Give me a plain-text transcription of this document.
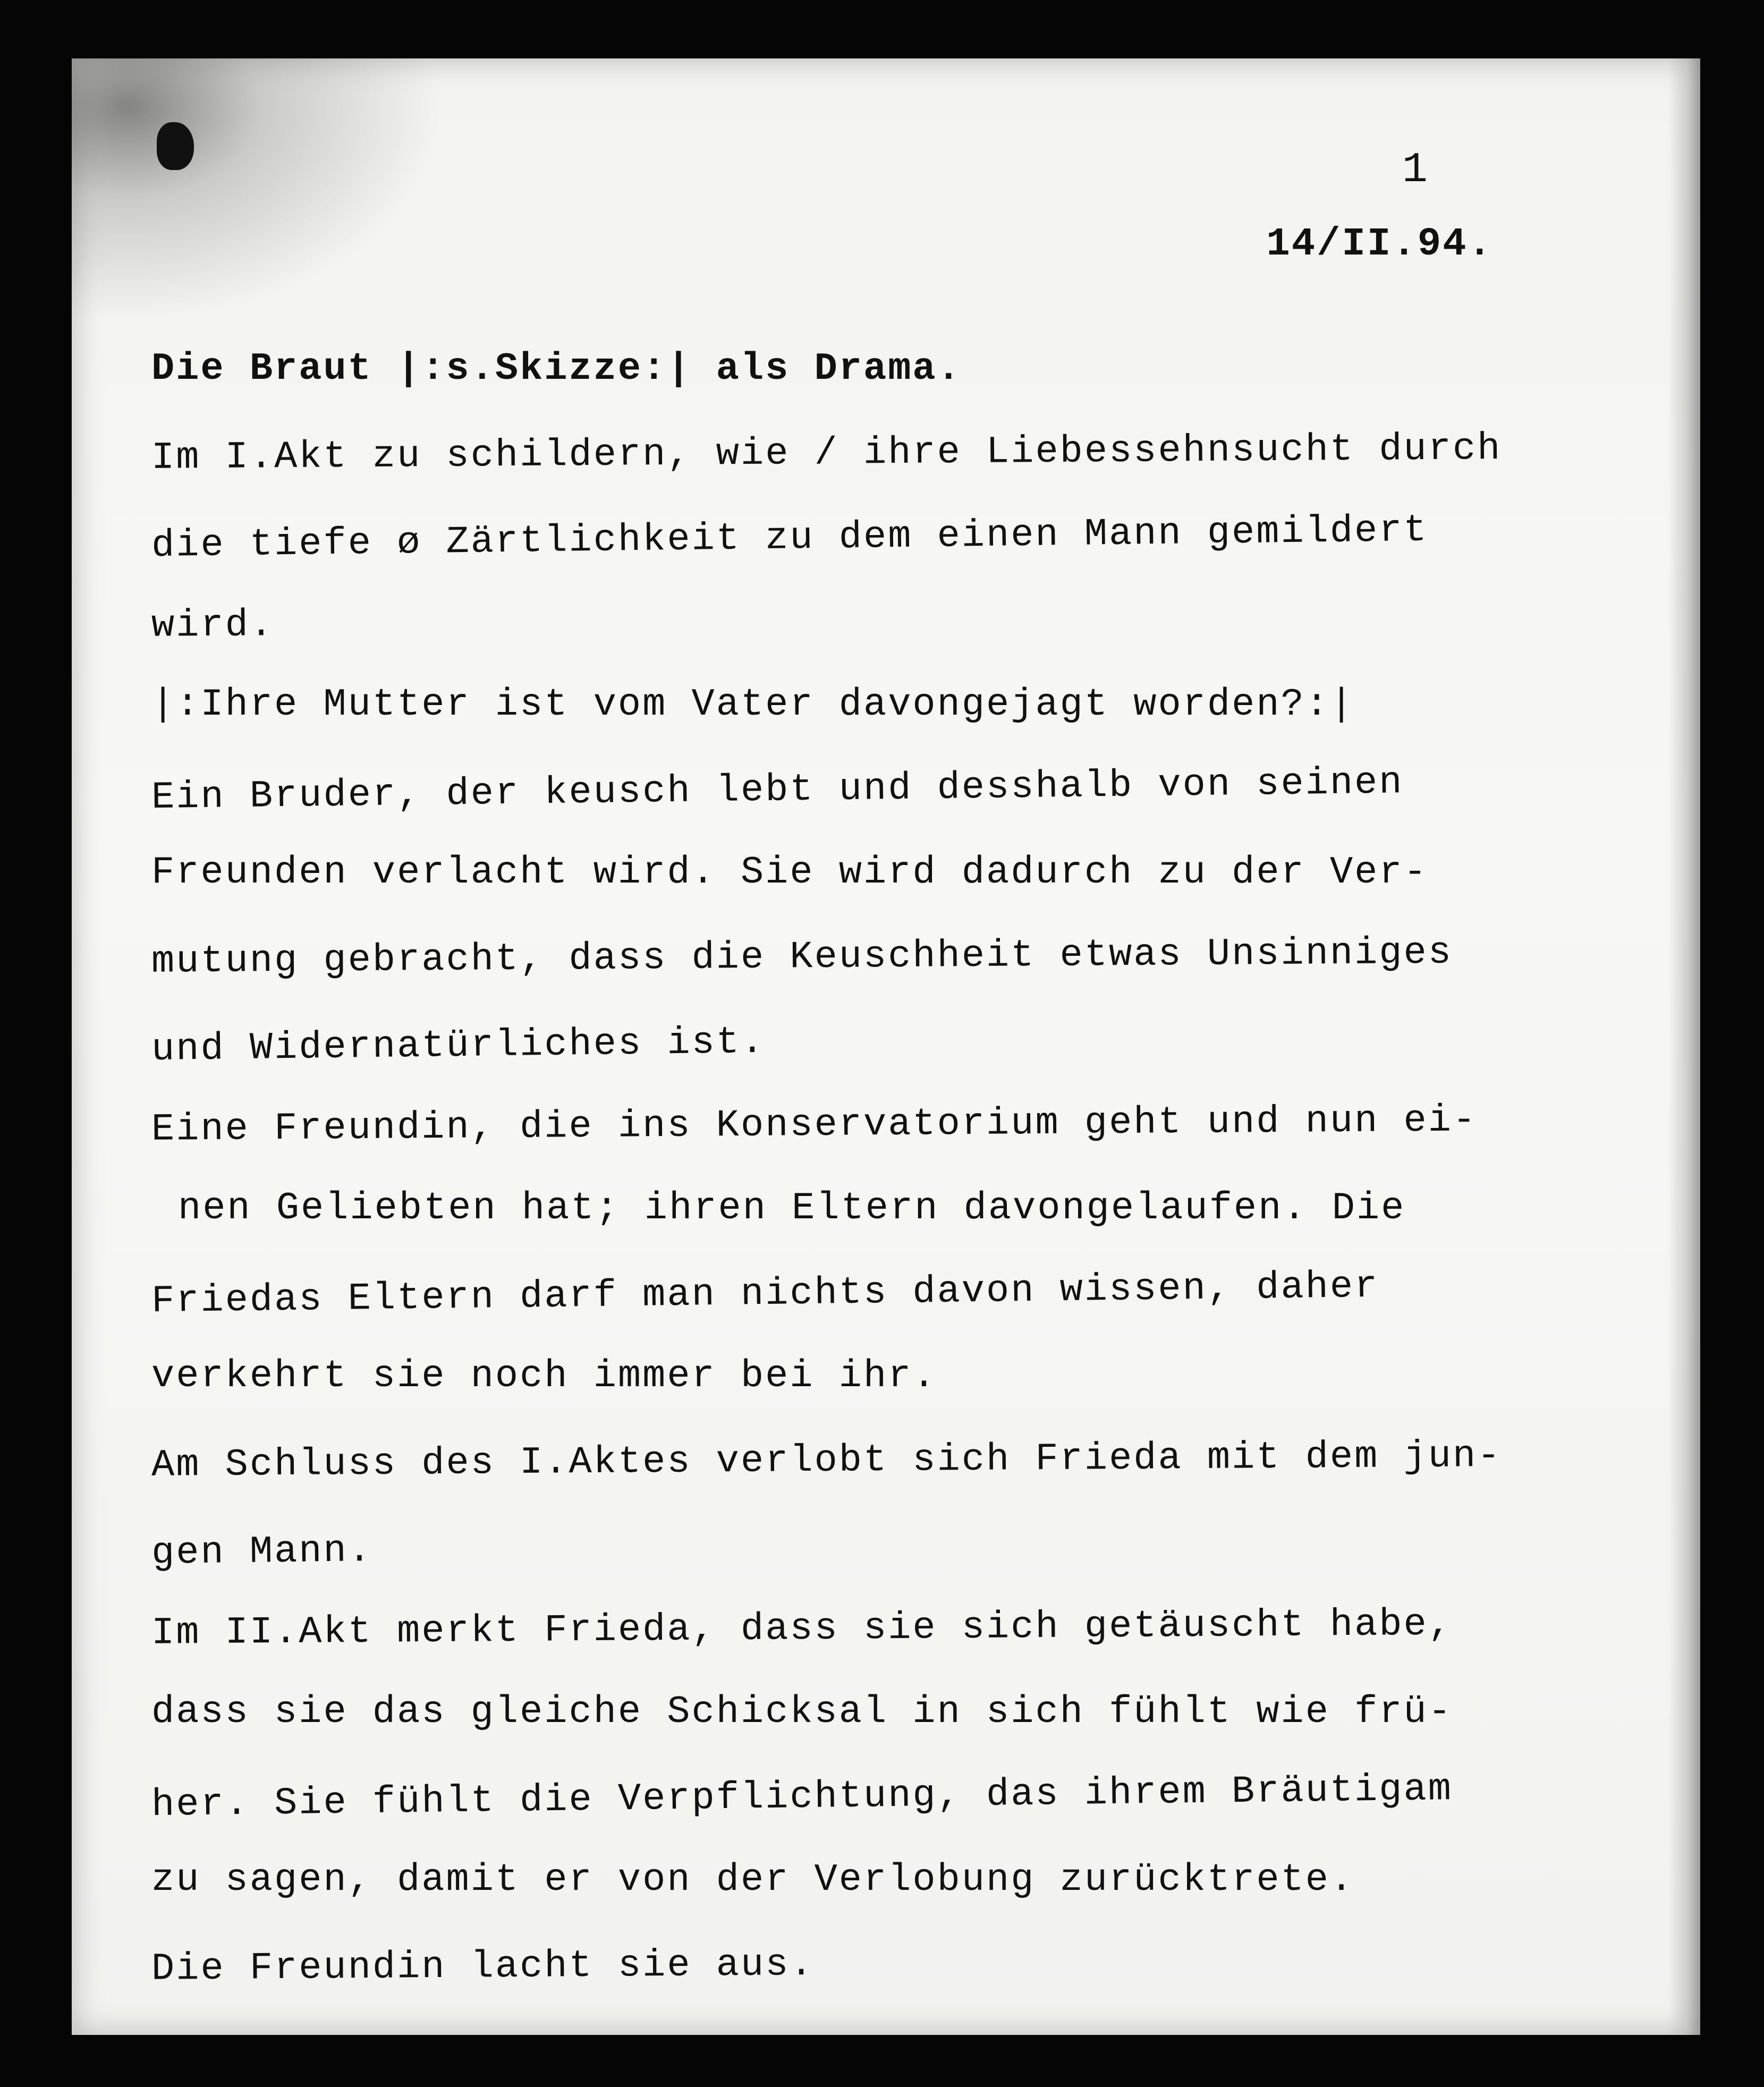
1
14/II.94.
Die Braut |:s.Skizze:| als Drama.
Im I.Akt zu schildern, wie / ihre Liebessehnsucht durch
die tiefe ø Zärtlichkeit zu dem einen Mann gemildert
wird.
|:Ihre Mutter ist vom Vater davongejagt worden?:|
Ein Bruder, der keusch lebt und desshalb von seinen
Freunden verlacht wird. Sie wird dadurch zu der Ver-
mutung gebracht, dass die Keuschheit etwas Unsinniges
und Widernatürliches ist.
Eine Freundin, die ins Konservatorium geht und nun ei-
nen Geliebten hat; ihren Eltern davongelaufen. Die
Friedas Eltern darf man nichts davon wissen, daher
verkehrt sie noch immer bei ihr.
Am Schluss des I.Aktes verlobt sich Frieda mit dem jun-
gen Mann.
Im II.Akt merkt Frieda, dass sie sich getäuscht habe,
dass sie das gleiche Schicksal in sich fühlt wie frü-
her. Sie fühlt die Verpflichtung, das ihrem Bräutigam
zu sagen, damit er von der Verlobung zurücktrete.
Die Freundin lacht sie aus.
